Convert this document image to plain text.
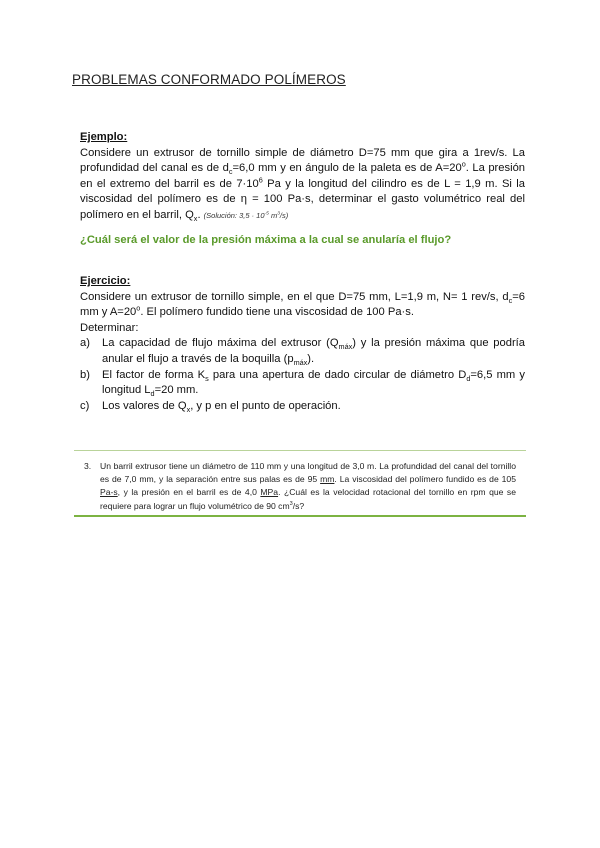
PROBLEMAS CONFORMADO POLÍMEROS
Ejemplo:
Considere un extrusor de tornillo simple de diámetro D=75 mm que gira a 1rev/s. La profundidad del canal es de $d_c=6,0$ mm y en ángulo de la paleta es de $A=20^o$. La presión en el extremo del barril es de $7\cdot 10^6$ Pa y la longitud del cilindro es de L = 1,9 m. Si la viscosidad del polímero es de η = 100 Pa·s, determinar el gasto volumétrico real del polímero en el barril, $Q_x$. (Solución: $3,5 \cdot 10^{-5}$ $m^3/s$)
¿Cuál será el valor de la presión máxima a la cual se anularía el flujo?
Ejercicio:
Considere un extrusor de tornillo simple, en el que D=75 mm, L=1,9 m, N= 1 rev/s, $d_c=6$ mm y $A=20^o$. El polímero fundido tiene una viscosidad de 100 Pa·s.
Determinar:
a) La capacidad de flujo máxima del extrusor $(Q_{máx})$ y la presión máxima que podría anular el flujo a través de la boquilla $(p_{máx})$.
b) El factor de forma $K_s$ para una apertura de dado circular de diámetro $D_d=6,5$ mm y longitud $L_d=20$ mm.
c) Los valores de $Q_x$, y p en el punto de operación.
3.	Un barril extrusor tiene un diámetro de 110 mm y una longitud de 3,0 m. La profundidad del canal del tornillo es de 7,0 mm, y la separación entre sus palas es de 95 mm. La viscosidad del polímero fundido es de 105 Pa-s, y la presión en el barril es de 4,0 MPa. ¿Cuál es la velocidad rotacional del tornillo en rpm que se requiere para lograr un flujo volumétrico de 90 $cm^3/s$?
